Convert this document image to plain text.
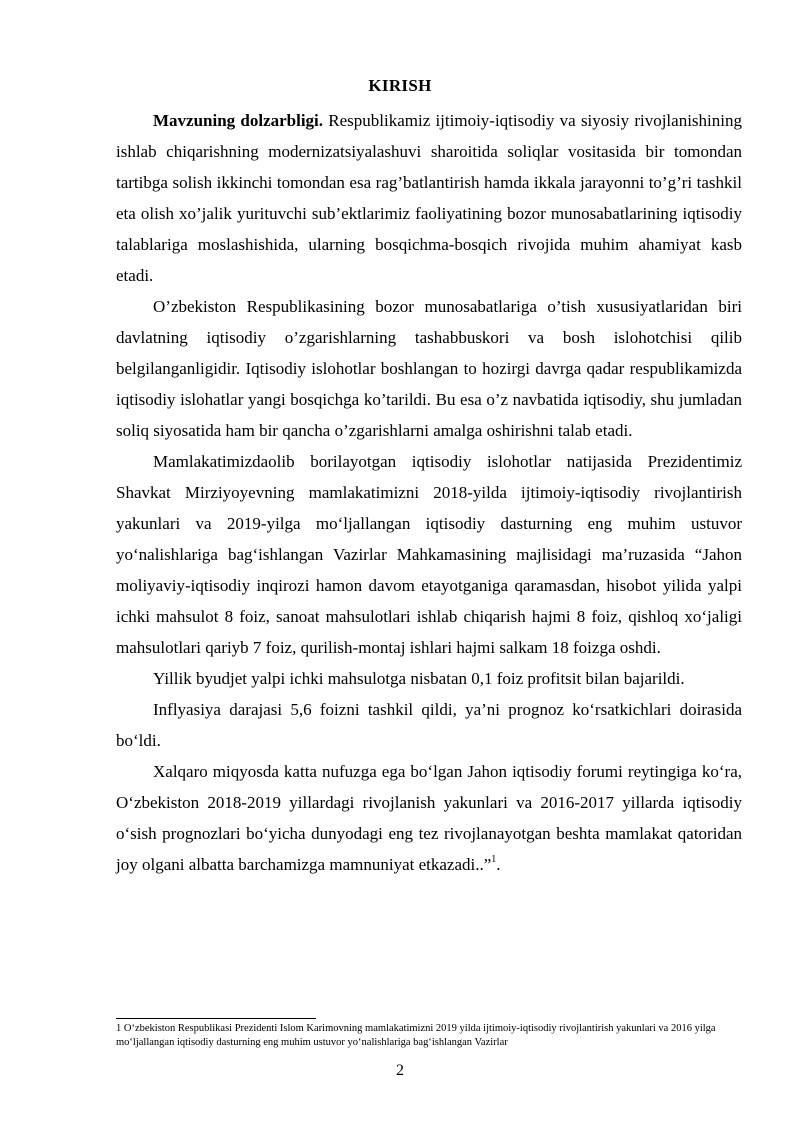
KIRISH

Mavzuning dolzarbligi. Respublikamiz ijtimoiy-iqtisodiy va siyosiy rivojlanishining ishlab chiqarishning modernizatsiyalashuvi sharoitida soliqlar vositasida bir tomondan tartibga solish ikkinchi tomondan esa rag’batlantirish hamda ikkala jarayonni to’g’ri tashkil eta olish xo’jalik yurituvchi sub’ektlarimiz faoliyatining bozor munosabatlarining iqtisodiy talablariga moslashishida, ularning bosqichma-bosqich rivojida muhim ahamiyat kasb etadi.

O’zbekiston Respublikasining bozor munosabatlariga o’tish xususiyatlaridan biri davlatning iqtisodiy o’zgarishlarning tashabbuskori va bosh islohotchisi qilib belgilanganligidir. Iqtisodiy islohotlar boshlangan to hozirgi davrga qadar respublikamizda iqtisodiy islohatlar yangi bosqichga ko’tarildi. Bu esa o’z navbatida iqtisodiy, shu jumladan soliq siyosatida ham bir qancha o’zgarishlarni amalga oshirishni talab etadi.

Mamlakatimizdaolib borilayotgan iqtisodiy islohotlar natijasida Prezidentimiz Shavkat Mirziyoyevning mamlakatimizni 2018-yilda ijtimoiy-iqtisodiy rivojlantirish yakunlari va 2019-yilga mo‘ljallangan iqtisodiy dasturning eng muhim ustuvor yo‘nalishlariga bag‘ishlangan Vazirlar Mahkamasining majlisidagi ma’ruzasida “Jahon moliyaviy-iqtisodiy inqirozi hamon davom etayotganiga qaramasdan, hisobot yilida yalpi ichki mahsulot 8 foiz, sanoat mahsulotlari ishlab chiqarish hajmi 8 foiz, qishloq xo‘jaligi mahsulotlari qariyb 7 foiz, qurilish-montaj ishlari hajmi salkam 18 foizga oshdi.

Yillik byudjet yalpi ichki mahsulotga nisbatan 0,1 foiz profitsit bilan bajarildi.

Inflyasiya darajasi 5,6 foizni tashkil qildi, ya’ni prognoz ko‘rsatkichlari doirasida bo‘ldi.

Xalqaro miqyosda katta nufuzga ega bo‘lgan Jahon iqtisodiy forumi reytingiga ko‘ra, O‘zbekiston 2018-2019 yillardagi rivojlanish yakunlari va 2016-2017 yillarda iqtisodiy o‘sish prognozlari bo‘yicha dunyodagi eng tez rivojlanayotgan beshta mamlakat qatoridan joy olgani albatta barchamizga mamnuniyat etkazadi..”$^1$.

1 O‘zbekiston Respublikasi Prezidenti Islom Karimovning mamlakatimizni 2019 yilda ijtimoiy-iqtisodiy rivojlantirish yakunlari va 2016 yilga mo‘ljallangan iqtisodiy dasturning eng muhim ustuvor yo‘nalishlariga bag‘ishlangan Vazirlar
2
